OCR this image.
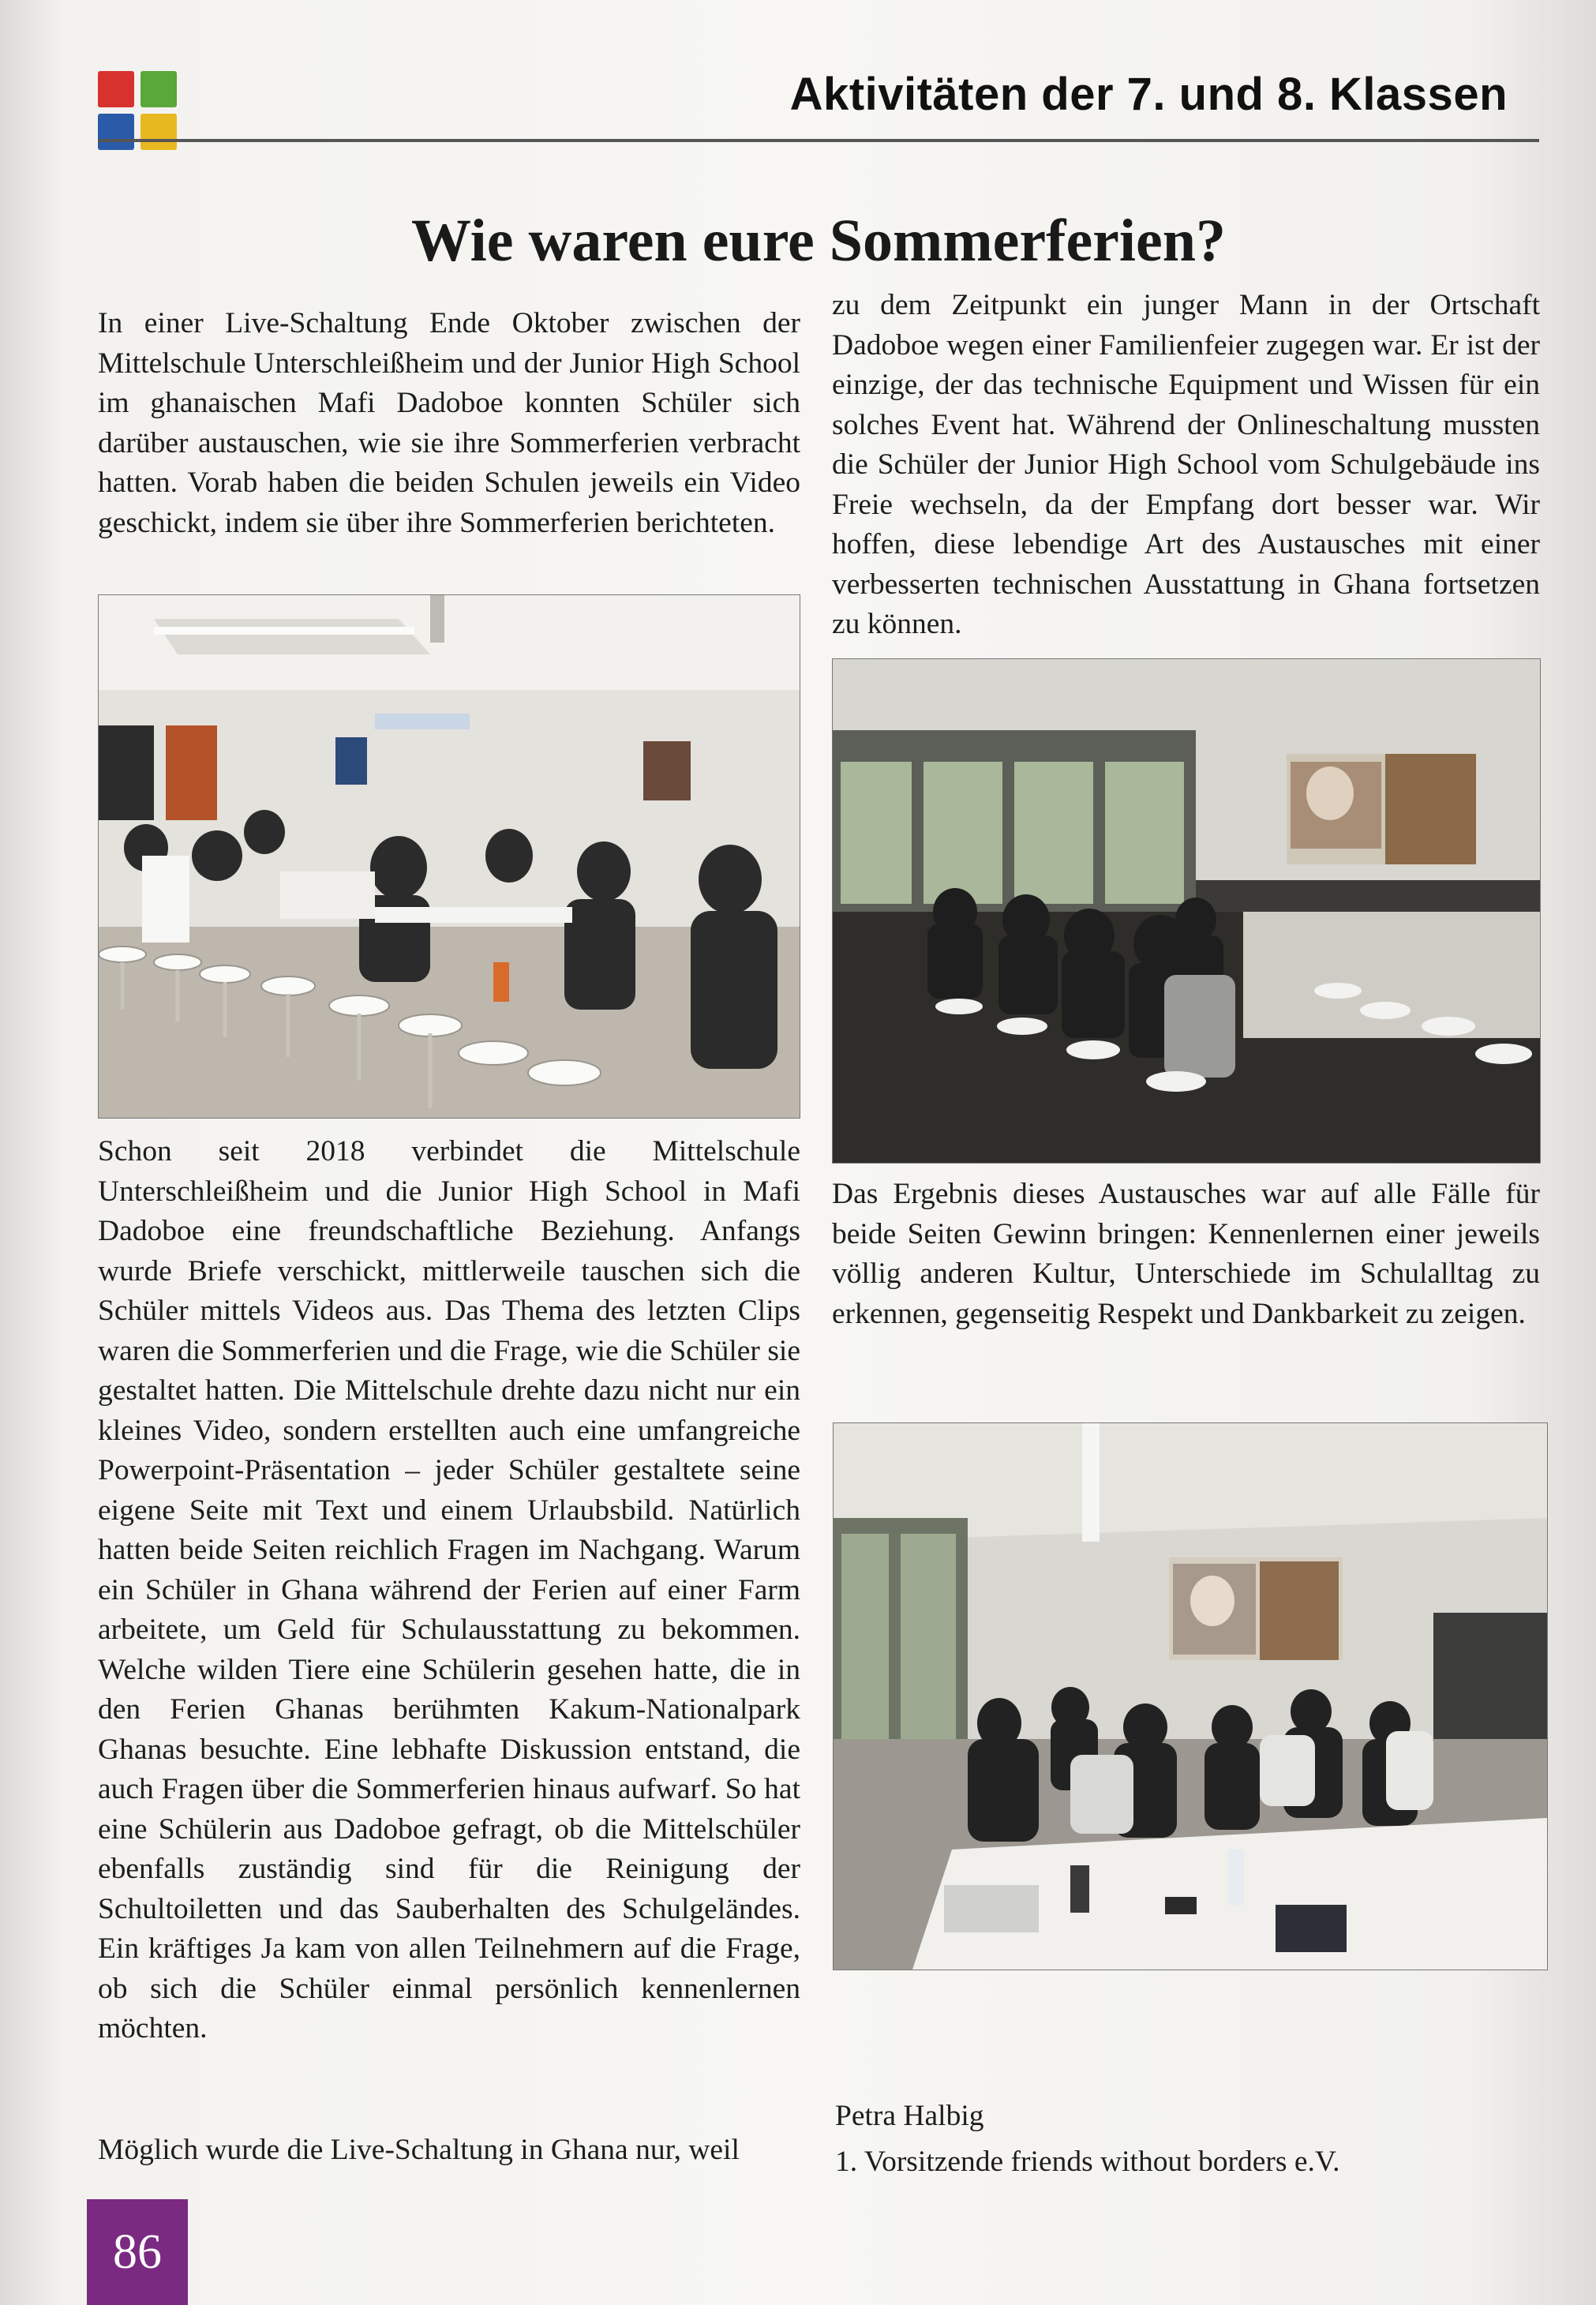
Aktivitäten der 7. und 8. Klassen
Wie waren eure Sommerferien?

In einer Live-Schaltung Ende Oktober zwischen der Mittelschule Unterschleißheim und der Junior High School im ghanaischen Mafi Dadoboe konnten Schüler sich darüber austauschen, wie sie ihre Sommerferien verbracht hatten. Vorab haben die beiden Schulen jeweils ein Video geschickt, indem sie über ihre Sommerferien berichteten.

Schon seit 2018 verbindet die Mittelschule Unterschleißheim und die Junior High School in Mafi Dadoboe eine freundschaftliche Beziehung. Anfangs wurde Briefe verschickt, mittlerweile tauschen sich die Schüler mittels Videos aus. Das Thema des letzten Clips waren die Sommerferien und die Frage, wie die Schüler sie gestaltet hatten. Die Mittelschule drehte dazu nicht nur ein kleines Video, sondern erstellten auch eine umfangreiche Powerpoint-Präsentation – jeder Schüler gestaltete seine eigene Seite mit Text und einem Urlaubsbild. Natürlich hatten beide Seiten reichlich Fragen im Nachgang. Warum ein Schüler in Ghana während der Ferien auf einer Farm arbeitete, um Geld für Schulausstattung zu bekommen. Welche wilden Tiere eine Schülerin gesehen hatte, die in den Ferien Ghanas berühmten Kakum-Nationalpark Ghanas besuchte. Eine lebhafte Diskussion entstand, die auch Fragen über die Sommerferien hinaus aufwarf. So hat eine Schülerin aus Dadoboe gefragt, ob die Mittelschüler ebenfalls zuständig sind für die Reinigung der Schultoiletten und das Sauberhalten des Schulgeländes. Ein kräftiges Ja kam von allen Teilnehmern auf die Frage, ob sich die Schüler einmal persönlich kennenlernen möchten.

Möglich wurde die Live-Schaltung in Ghana nur, weil

zu dem Zeitpunkt ein junger Mann in der Ortschaft Dadoboe wegen einer Familienfeier zugegen war. Er ist der einzige, der das technische Equipment und Wissen für ein solches Event hat. Während der Onlineschaltung mussten die Schüler der Junior High School vom Schulgebäude ins Freie wechseln, da der Empfang dort besser war. Wir hoffen, diese lebendige Art des Austausches mit einer verbesserten technischen Ausstattung in Ghana fortsetzen zu können.

Das Ergebnis dieses Austausches war auf alle Fälle für beide Seiten Gewinn bringen: Kennenlernen einer jeweils völlig anderen Kultur, Unterschiede im Schulalltag zu erkennen, gegenseitig Respekt und Dankbarkeit zu zeigen.

Petra Halbig

1. Vorsitzende friends without borders e.V.

86
